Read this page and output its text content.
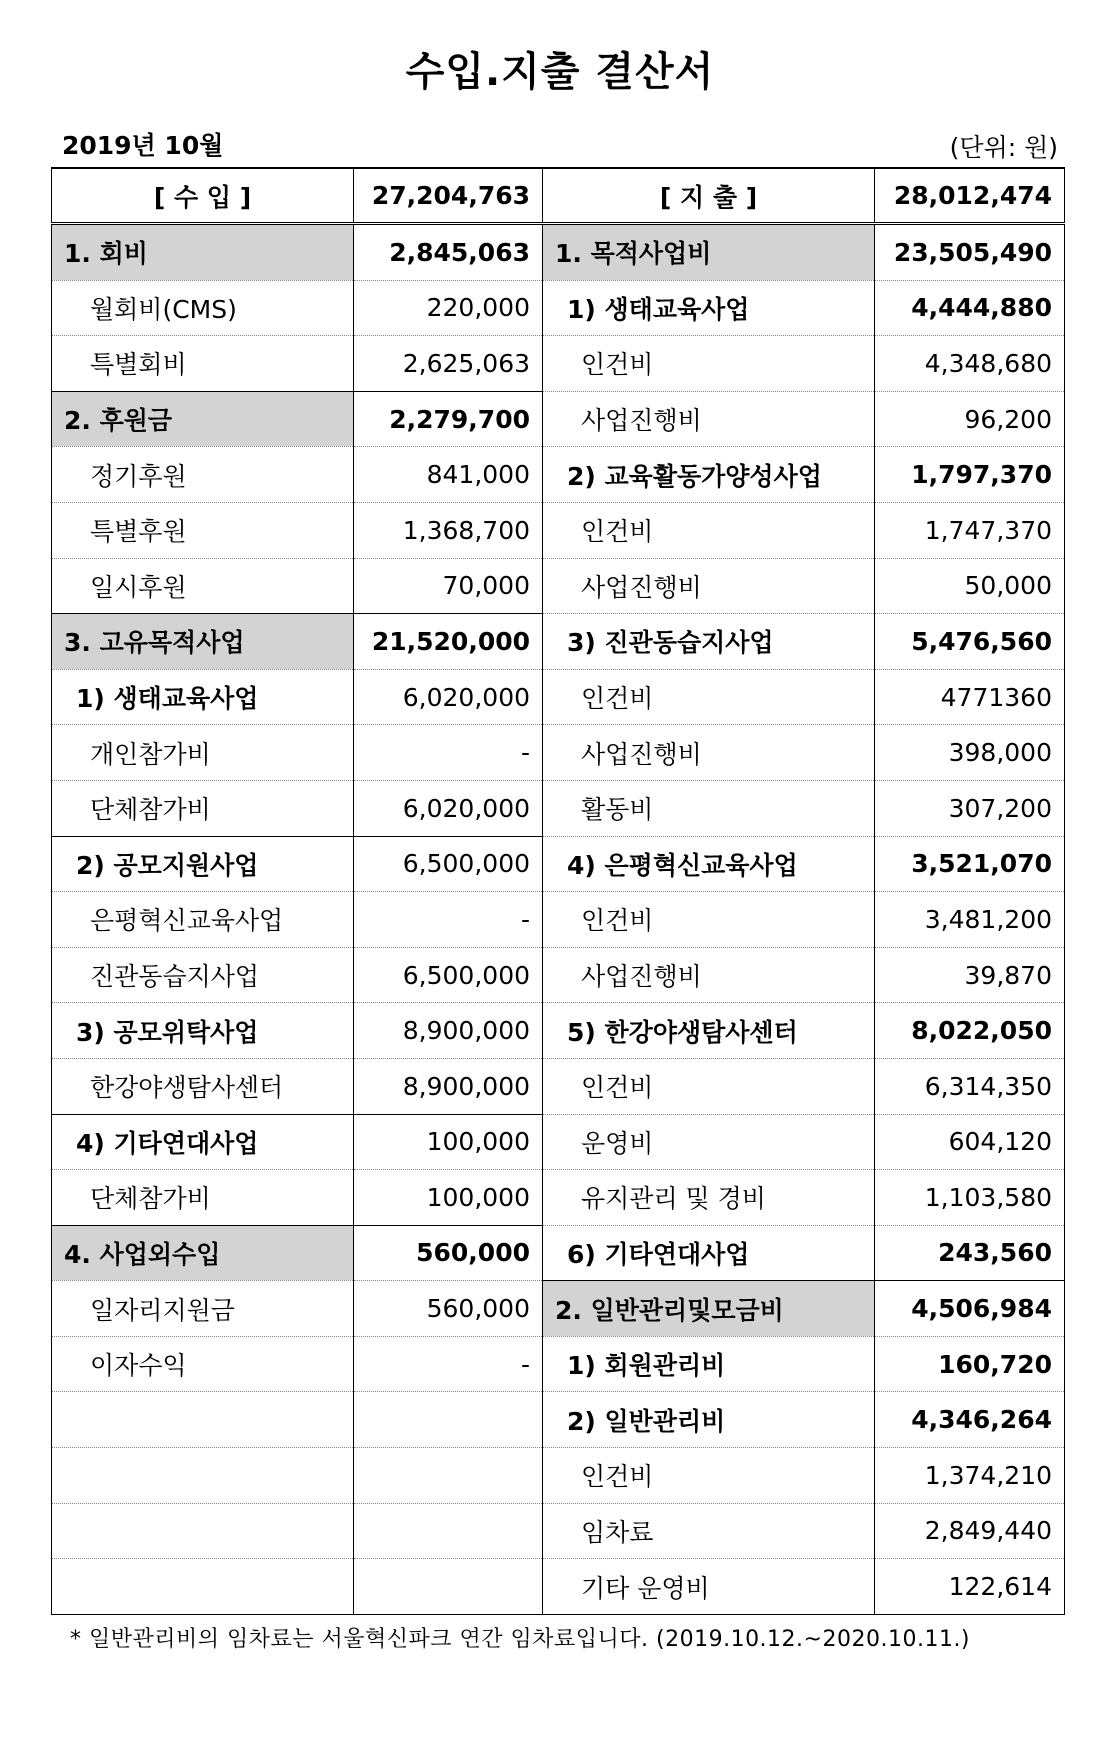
수입.지출 결산서
2019년 10월	(단위: 원)
[ 수 입 ]	27,204,763	[ 지 출 ]	28,012,474
1. 회비	2,845,063	1. 목적사업비	23,505,490
월회비(CMS)	220,000	1) 생태교육사업	4,444,880
특별회비	2,625,063	인건비	4,348,680
2. 후원금	2,279,700	사업진행비	96,200
정기후원	841,000	2) 교육활동가양성사업	1,797,370
특별후원	1,368,700	인건비	1,747,370
일시후원	70,000	사업진행비	50,000
3. 고유목적사업	21,520,000	3) 진관동습지사업	5,476,560
1) 생태교육사업	6,020,000	인건비	4771360
개인참가비	-	사업진행비	398,000
단체참가비	6,020,000	활동비	307,200
2) 공모지원사업	6,500,000	4) 은평혁신교육사업	3,521,070
은평혁신교육사업	-	인건비	3,481,200
진관동습지사업	6,500,000	사업진행비	39,870
3) 공모위탁사업	8,900,000	5) 한강야생탐사센터	8,022,050
한강야생탐사센터	8,900,000	인건비	6,314,350
4) 기타연대사업	100,000	운영비	604,120
단체참가비	100,000	유지관리 및 경비	1,103,580
4. 사업외수입	560,000	6) 기타연대사업	243,560
일자리지원금	560,000	2. 일반관리및모금비	4,506,984
이자수익	-	1) 회원관리비	160,720
		2) 일반관리비	4,346,264
		인건비	1,374,210
		임차료	2,849,440
		기타 운영비	122,614
* 일반관리비의 임차료는 서울혁신파크 연간 임차료입니다. (2019.10.12.~2020.10.11.)
